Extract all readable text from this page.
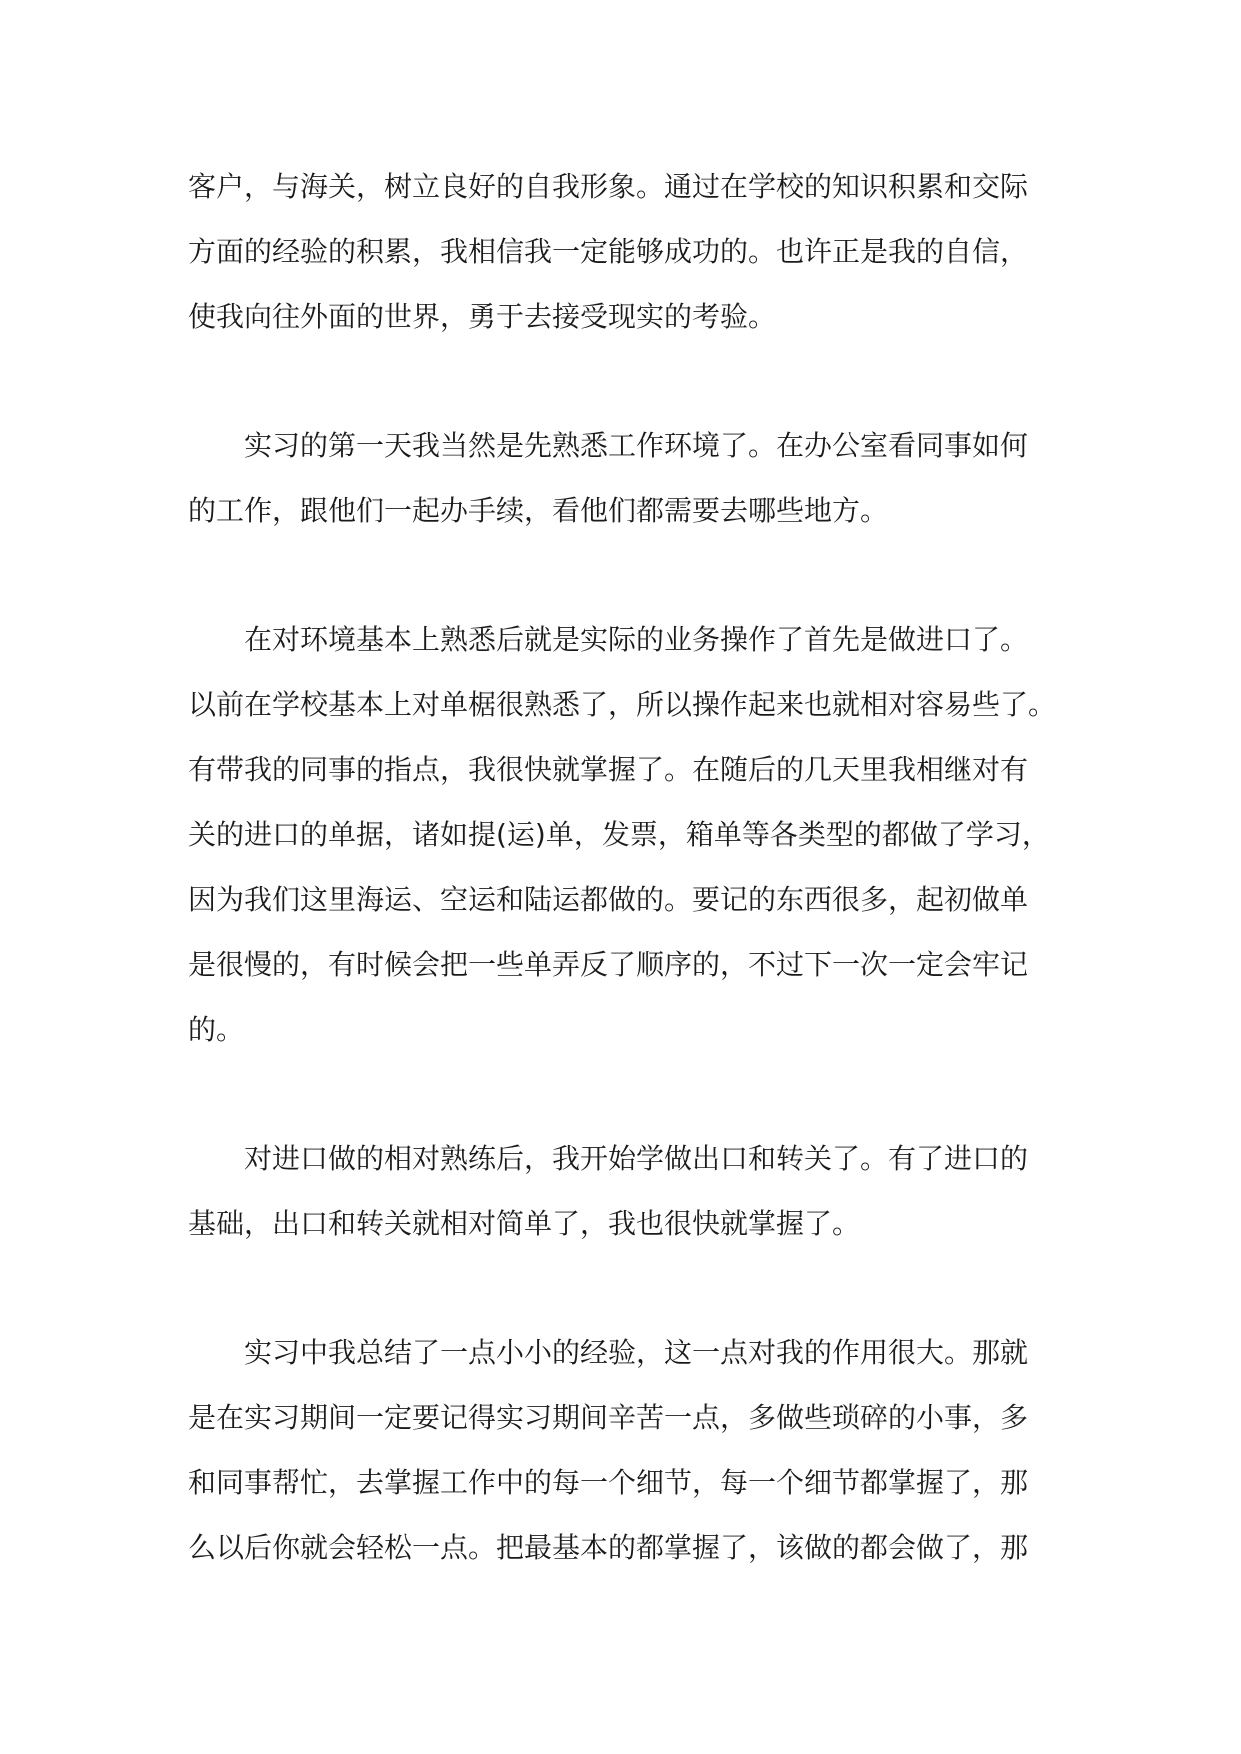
客户，与海关，树立良好的自我形象。通过在学校的知识积累和交际
方面的经验的积累，我相信我一定能够成功的。也许正是我的自信，
使我向往外面的世界，勇于去接受现实的考验。
实习的第一天我当然是先熟悉工作环境了。在办公室看同事如何
的工作，跟他们一起办手续，看他们都需要去哪些地方。
在对环境基本上熟悉后就是实际的业务操作了首先是做进口了。
以前在学校基本上对单椐很熟悉了，所以操作起来也就相对容易些了。
有带我的同事的指点，我很快就掌握了。在随后的几天里我相继对有
关的进口的单据，诸如提(运)单，发票，箱单等各类型的都做了学习，
因为我们这里海运、空运和陆运都做的。要记的东西很多，起初做单
是很慢的，有时候会把一些单弄反了顺序的，不过下一次一定会牢记
的。
对进口做的相对熟练后，我开始学做出口和转关了。有了进口的
基础，出口和转关就相对简单了，我也很快就掌握了。
实习中我总结了一点小小的经验，这一点对我的作用很大。那就
是在实习期间一定要记得实习期间辛苦一点，多做些琐碎的小事，多
和同事帮忙，去掌握工作中的每一个细节，每一个细节都掌握了，那
么以后你就会轻松一点。把最基本的都掌握了，该做的都会做了，那
